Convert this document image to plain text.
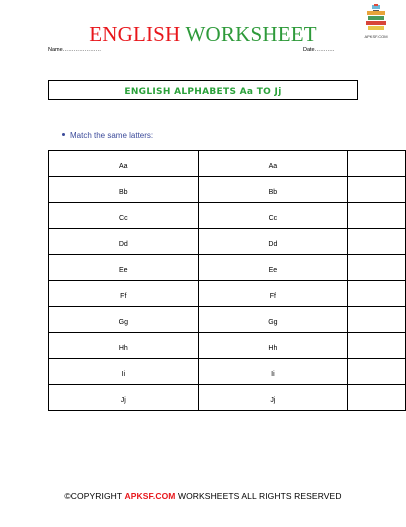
ENGLISH WORKSHEET	APKSF.COM
Name…………………	Date………..
ENGLISH ALPHABETS Aa TO Jj
Match the same latters:
Aa	Aa	
Bb	Bb	
Cc	Cc	
Dd	Dd	
Ee	Ee	
Ff	Ff	
Gg	Gg	
Hh	Hh	
Ii	Ii	
Jj	Jj	
©COPYRIGHT APKSF.COM WORKSHEETS ALL RIGHTS RESERVED
